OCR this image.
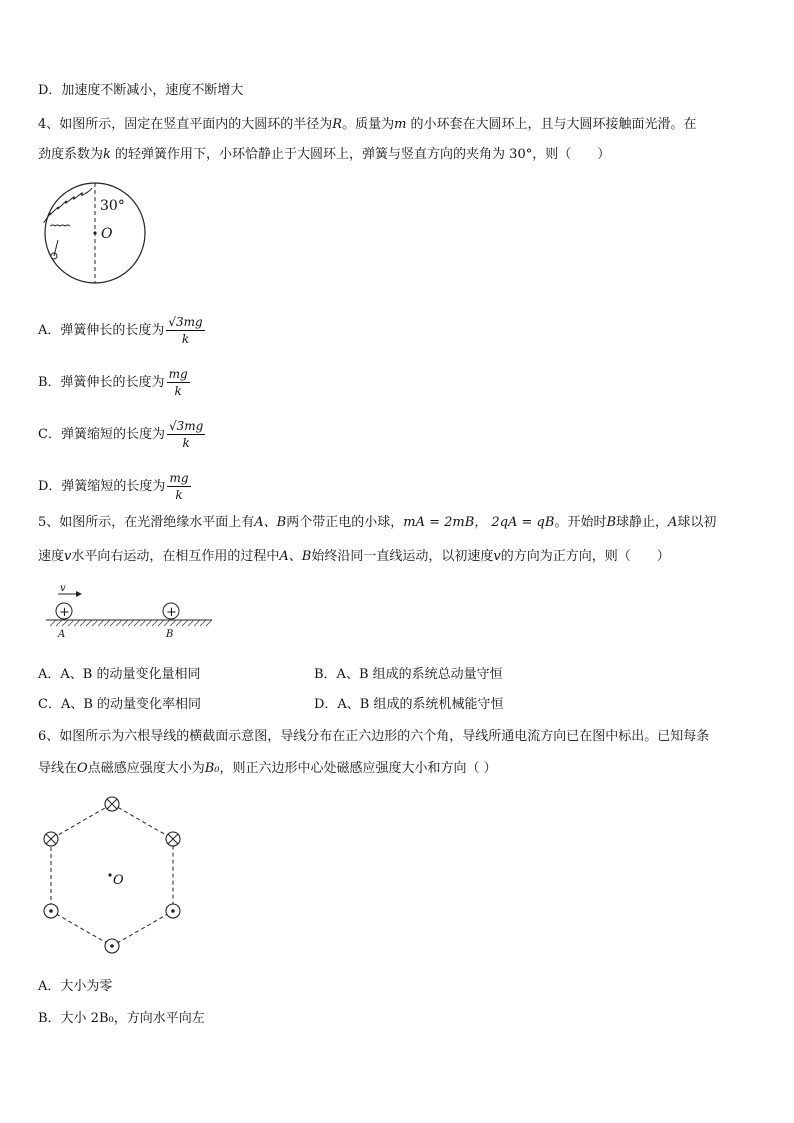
D．加速度不断减小，速度不断增大
4、如图所示，固定在竖直平面内的大圆环的半径为R。质量为m 的小环套在大圆环上，且与大圆环接触面光滑。在
劲度系数为k 的轻弹簧作用下，小环恰静止于大圆环上，弹簧与竖直方向的夹角为 30°，则（　　）
30°
O
A．弹簧伸长的长度为 $\frac{√3mg}{k}$
B．弹簧伸长的长度为 $\frac{mg}{k}$
C．弹簧缩短的长度为 $\frac{√3mg}{k}$
D．弹簧缩短的长度为 $\frac{mg}{k}$
5、如图所示，在光滑绝缘水平面上有A、B两个带正电的小球，mA = 2mB， 2qA = qB。开始时B球静止，A球以初
速度v水平向右运动，在相互作用的过程中A、B始终沿同一直线运动，以初速度v的方向为正方向，则（　　）
v
+	+
A	B
A．A、B 的动量变化量相同	B．A、B 组成的系统总动量守恒
C．A、B 的动量变化率相同	D．A、B 组成的系统机械能守恒
6、如图所示为六根导线的横截面示意图，导线分布在正六边形的六个角，导线所通电流方向已在图中标出。已知每条
导线在O点磁感应强度大小为B₀，则正六边形中心处磁感应强度大小和方向（ ）
O
A．大小为零
B．大小 2B₀，方向水平向左
